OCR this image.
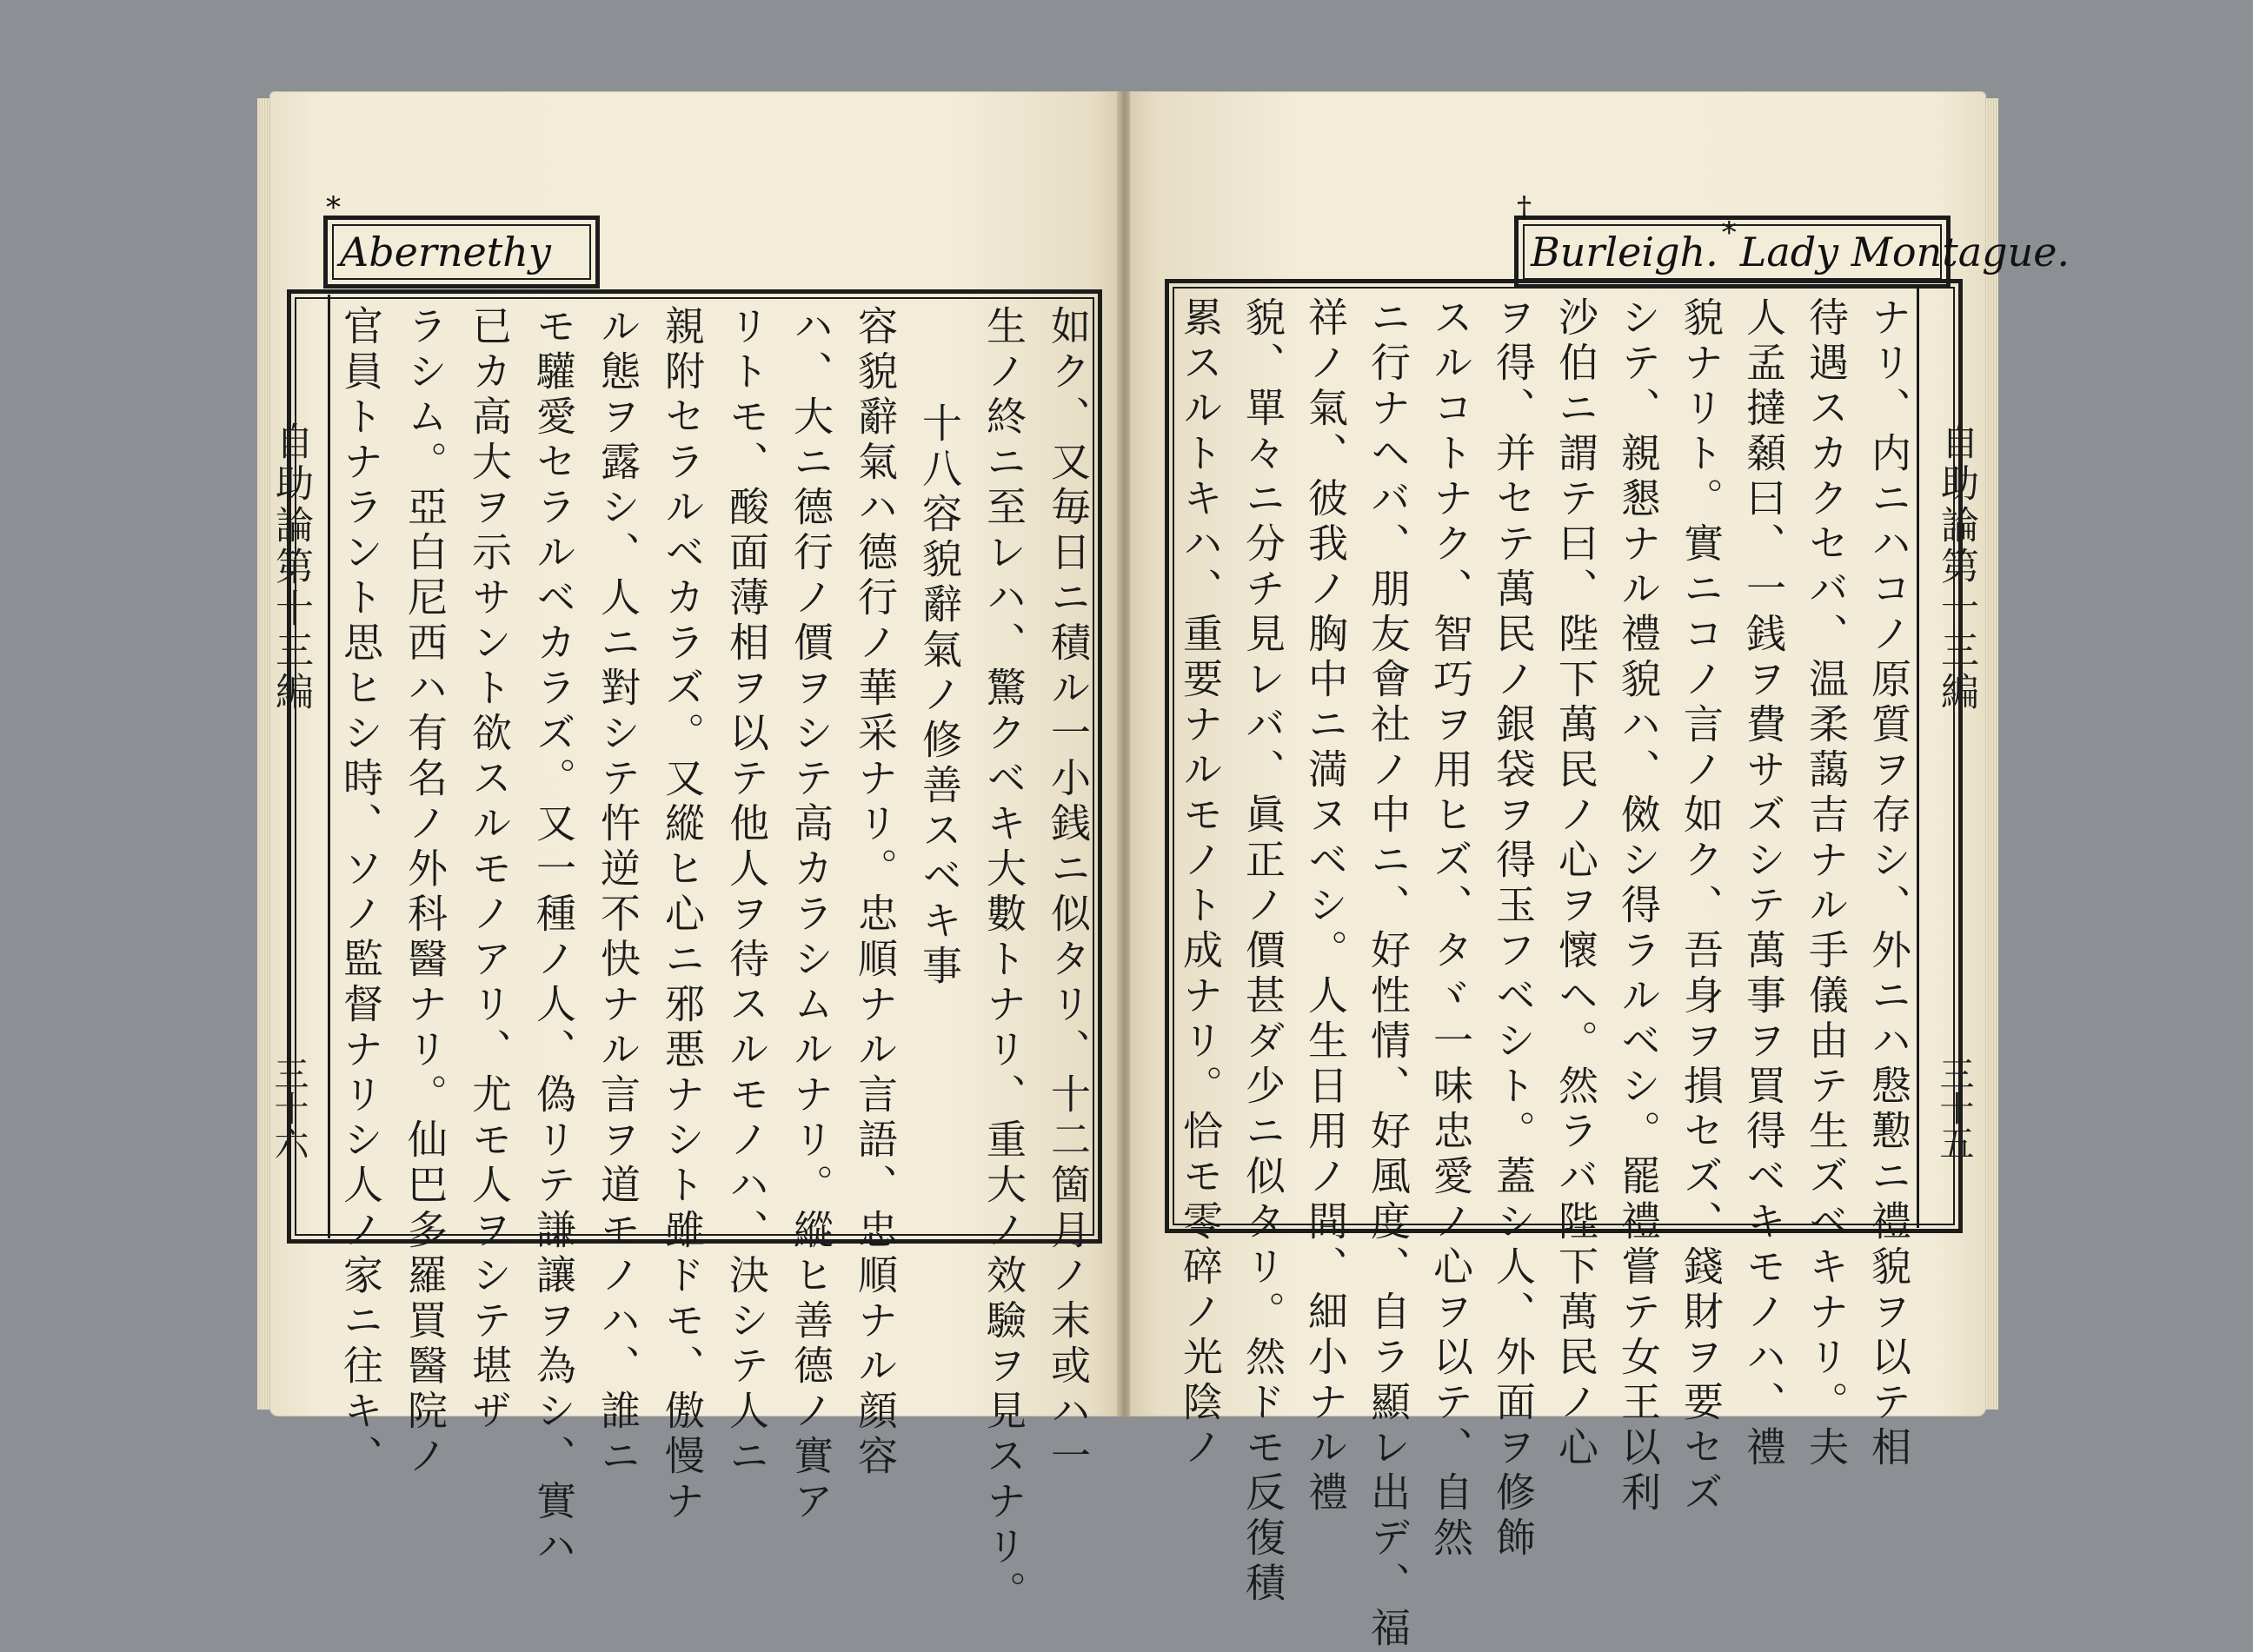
*
Abernethy
如ク、又毎日ニ積ル一小銭ニ似タリ、十二箇月ノ末或ハ一
生ノ終ニ至レハ、驚クベキ大數トナリ、重大ノ效驗ヲ見スナリ。
十八容貌辭氣ノ修善スベキ事
容貌辭氣ハ德行ノ華采ナリ。忠順ナル言語、忠順ナル顔容
ハ、大ニ德行ノ價ヲシテ高カラシムルナリ。縱ヒ善德ノ實ア
リトモ、酸面薄相ヲ以テ他人ヲ待スルモノハ、決シテ人ニ
親附セラルベカラズ。又縱ヒ心ニ邪悪ナシト雖ドモ、傲慢ナ
ル態ヲ露シ、人ニ對シテ忤逆不快ナル言ヲ道モノハ、誰ニ
モ驩愛セラルベカラズ。又一種ノ人、偽リテ謙讓ヲ為シ、實ハ
已カ高大ヲ示サント欲スルモノアリ、尤モ人ヲシテ堪ザ
ラシム。亞白尼西ハ有名ノ外科醫ナリ。仙巴多羅買醫院ノ
官員トナラント思ヒシ時、ソノ監督ナリシ人ノ家ニ往キ、
自助論第十三編
三十六
†
Burleigh. * Lady Montague.
ナリ、内ニハコノ原質ヲ存シ、外ニハ慇懃ニ禮貌ヲ以テ相
待遇スカクセバ、温柔藹吉ナル手儀由テ生ズベキナリ。夫
人孟撻顙曰、一銭ヲ費サズシテ萬事ヲ買得ベキモノハ、禮
貌ナリト。實ニコノ言ノ如ク、吾身ヲ損セズ、錢財ヲ要セズ
シテ、親懇ナル禮貌ハ、傚シ得ラルベシ。罷禮嘗テ女王以利
沙伯ニ謂テ曰、陛下萬民ノ心ヲ懷ヘ。然ラバ陛下萬民ノ心
ヲ得、并セテ萬民ノ銀袋ヲ得玉フベシト。蓋シ人、外面ヲ修飾
スルコトナク、智巧ヲ用ヒズ、タヾ一味忠愛ノ心ヲ以テ、自然
ニ行ナヘバ、朋友會社ノ中ニ、好性情、好風度、自ラ顯レ出デ、福
祥ノ氣、彼我ノ胸中ニ満ヌベシ。人生日用ノ間、細小ナル禮
貌、單々ニ分チ見レバ、眞正ノ價甚ダ少ニ似タリ。然ドモ反復積
累スルトキハ、重要ナルモノト成ナリ。恰モ零碎ノ光陰ノ	自助論第十三編
三十五
